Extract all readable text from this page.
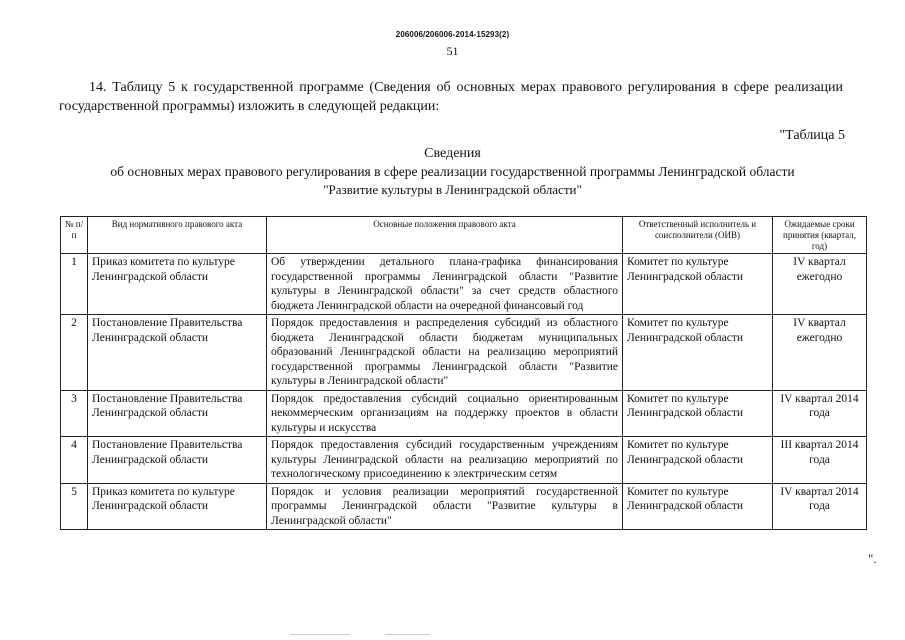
206006/206006-2014-15293(2)
51
14. Таблицу 5 к государственной программе (Сведения об основных мерах правового регулирования в сфере реализации государственной программы) изложить в следующей редакции:
"Таблица 5
Сведения
об основных мерах правового регулирования в сфере реализации государственной программы Ленинградской области
"Развитие культуры в Ленинградской области"
№ п/п	Вид нормативного правового акта	Основные положения правового акта	Ответственный исполнитель и соисполнители (ОИВ)	Ожидаемые сроки принятия (квартал, год)
1	Приказ комитета по культуре Ленинградской области	Об утверждении детального плана-графика финансирования государственной программы Ленинградской области "Развитие культуры в Ленинградской области" за счет средств областного бюджета Ленинградской области на очередной финансовый год	Комитет по культуре Ленинградской области	IV квартал ежегодно
2	Постановление Правительства Ленинградской области	Порядок предоставления и распределения субсидий из областного бюджета Ленинградской области бюджетам муниципальных образований Ленинградской области на реализацию мероприятий государственной программы Ленинградской области "Развитие культуры в Ленинградской области"	Комитет по культуре Ленинградской области	IV квартал ежегодно
3	Постановление Правительства Ленинградской области	Порядок предоставления субсидий социально ориентированным некоммерческим организациям на поддержку проектов в области культуры и искусства	Комитет по культуре Ленинградской области	IV квартал 2014 года
4	Постановление Правительства Ленинградской области	Порядок предоставления субсидий государственным учреждениям культуры Ленинградской области на реализацию мероприятий по технологическому присоединению к электрическим сетям	Комитет по культуре Ленинградской области	III квартал 2014 года
5	Приказ комитета по культуре Ленинградской области	Порядок и условия реализации мероприятий государственной программы Ленинградской области "Развитие культуры в Ленинградской области"	Комитет по культуре Ленинградской области	IV квартал 2014 года
".
